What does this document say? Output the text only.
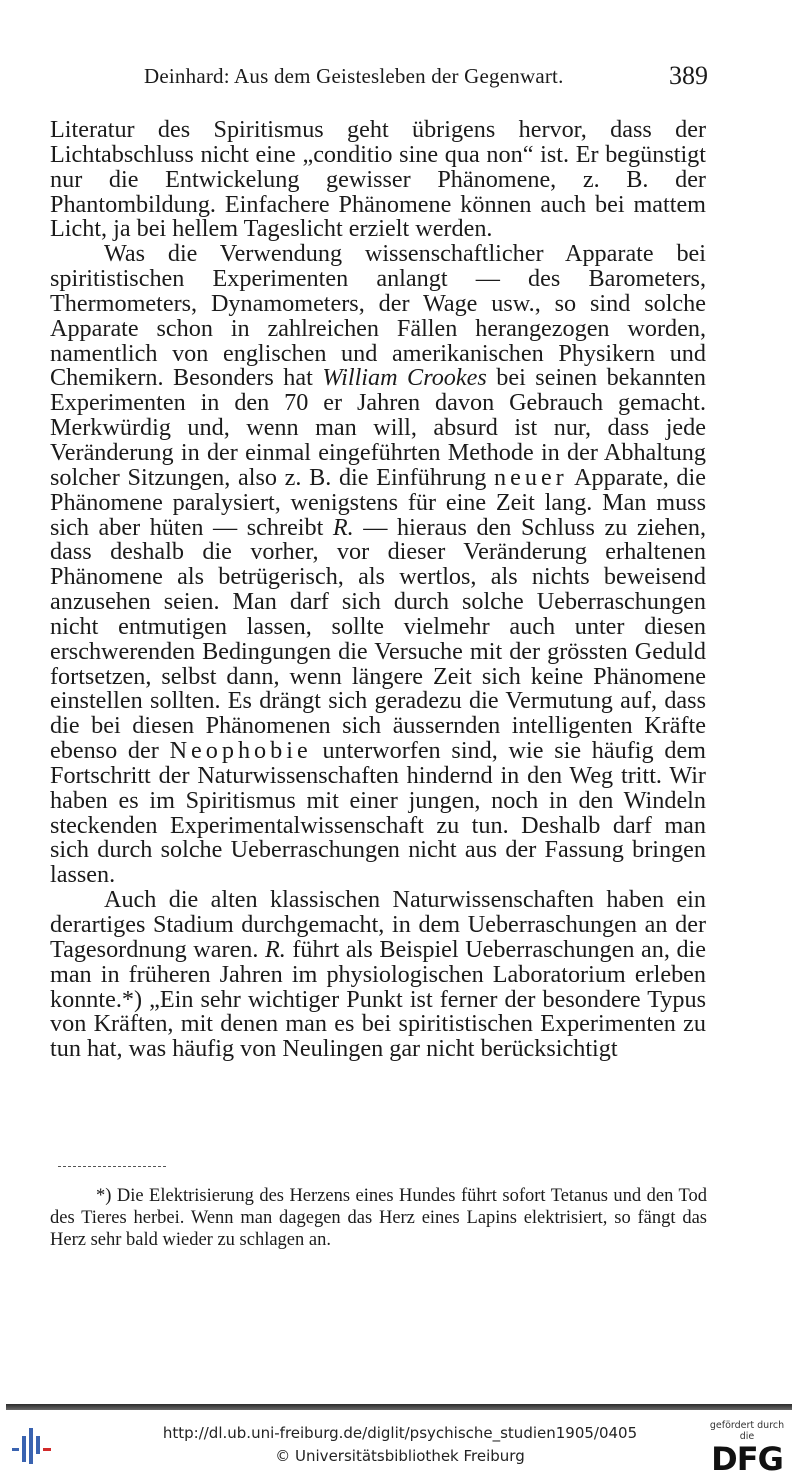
Deinhard: Aus dem Geistesleben der Gegenwart.	389

Literatur des Spiritismus geht übrigens hervor, dass der Lichtabschluss nicht eine „conditio sine qua non“ ist. Er begünstigt nur die Entwickelung gewisser Phänomene, z. B. der Phantombildung. Einfachere Phänomene können auch bei mattem Licht, ja bei hellem Tageslicht erzielt werden.

Was die Verwendung wissenschaftlicher Apparate bei spiritistischen Experimenten anlangt — des Barometers, Thermometers, Dynamometers, der Wage usw., so sind solche Apparate schon in zahlreichen Fällen herangezogen worden, namentlich von englischen und amerikanischen Physikern und Chemikern. Besonders hat William Crookes bei seinen bekannten Experimenten in den 70 er Jahren davon Gebrauch gemacht. Merkwürdig und, wenn man will, absurd ist nur, dass jede Veränderung in der einmal eingeführten Methode in der Abhaltung solcher Sitzungen, also z. B. die Einführung neuer Apparate, die Phänomene paralysiert, wenigstens für eine Zeit lang. Man muss sich aber hüten — schreibt R. — hieraus den Schluss zu ziehen, dass deshalb die vorher, vor dieser Veränderung erhaltenen Phänomene als betrügerisch, als wertlos, als nichts beweisend anzusehen seien. Man darf sich durch solche Ueberraschungen nicht entmutigen lassen, sollte vielmehr auch unter diesen erschwerenden Bedingungen die Versuche mit der grössten Geduld fortsetzen, selbst dann, wenn längere Zeit sich keine Phänomene einstellen sollten. Es drängt sich geradezu die Vermutung auf, dass die bei diesen Phänomenen sich äussernden intelligenten Kräfte ebenso der Neophobie unterworfen sind, wie sie häufig dem Fortschritt der Naturwissenschaften hindernd in den Weg tritt. Wir haben es im Spiritismus mit einer jungen, noch in den Windeln steckenden Experimentalwissenschaft zu tun. Deshalb darf man sich durch solche Ueberraschungen nicht aus der Fassung bringen lassen.

Auch die alten klassischen Naturwissenschaften haben ein derartiges Stadium durchgemacht, in dem Ueberraschungen an der Tagesordnung waren. R. führt als Beispiel Ueberraschungen an, die man in früheren Jahren im physiologischen Laboratorium erleben konnte.*) „Ein sehr wichtiger Punkt ist ferner der besondere Typus von Kräften, mit denen man es bei spiritistischen Experimenten zu tun hat, was häufig von Neulingen gar nicht berücksichtigt

*) Die Elektrisierung des Herzens eines Hundes führt sofort Tetanus und den Tod des Tieres herbei. Wenn man dagegen das Herz eines Lapins elektrisiert, so fängt das Herz sehr bald wieder zu schlagen an.

http://dl.ub.uni-freiburg.de/diglit/psychische_studien1905/0405
© Universitätsbibliothek Freiburg
gefördert durch die
DFG
